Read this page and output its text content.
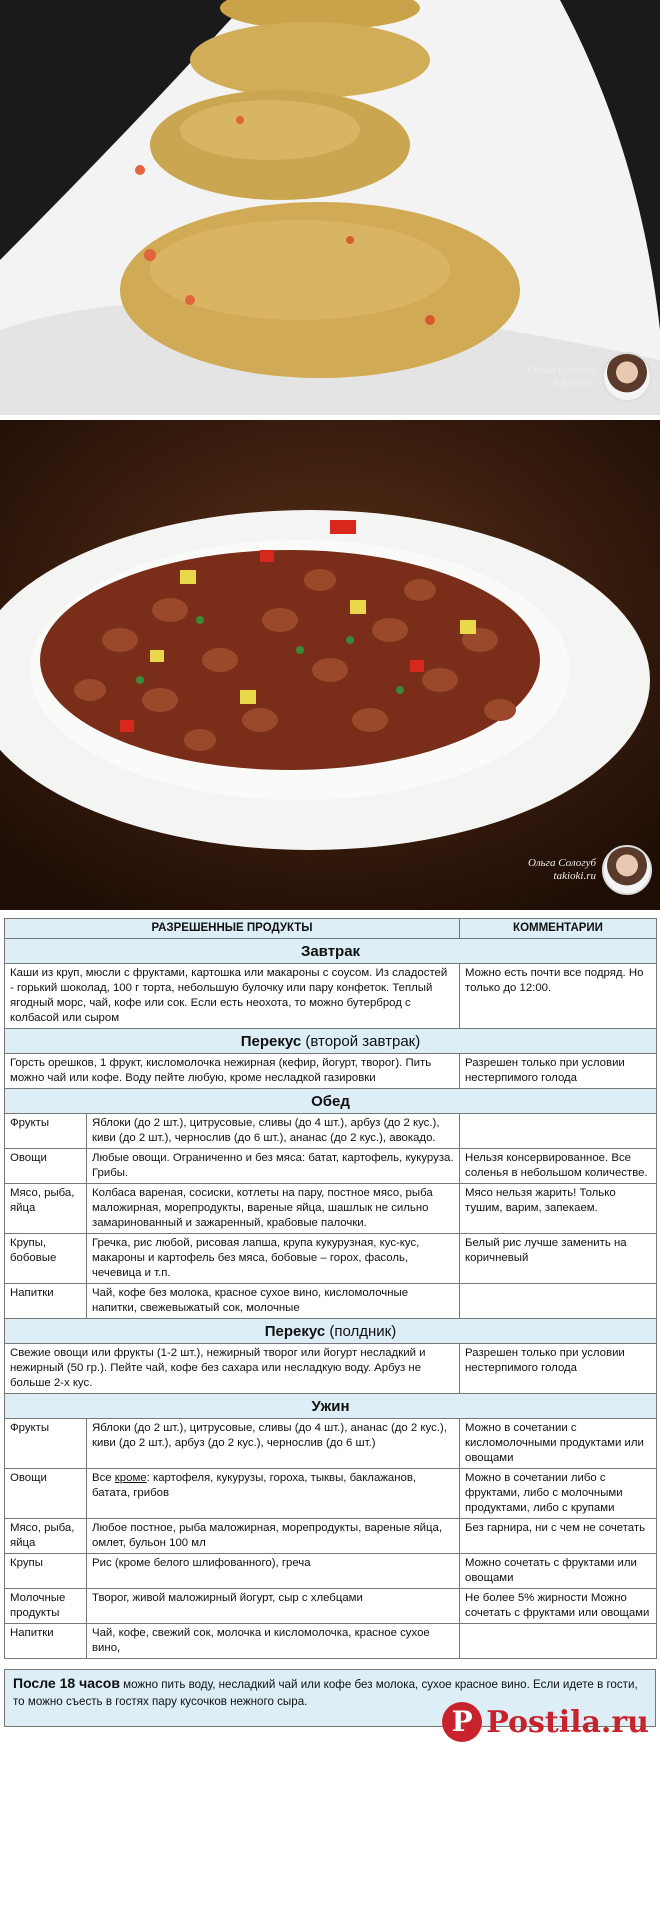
Ольга Сологуб
takioki.ru
Ольга Сологуб
takioki.ru
РАЗРЕШЕННЫЕ ПРОДУКТЫ		КОММЕНТАРИИ
Завтрак		
Каши из круп, мюсли с фруктами, картошка или макароны с соусом. Из сладостей - горький шоколад, 100 г торта, небольшую булочку или пару конфеток. Теплый ягодный морс, чай, кофе или сок. Если есть неохота, то можно бутерброд с колбасой или сыром		Можно есть почти все подряд. Но только до 12:00.
Перекус (второй завтрак)		
Горсть орешков, 1 фрукт, кисломолочка нежирная (кефир, йогурт, творог). Пить можно чай или кофе. Воду пейте любую, кроме несладкой газировки		Разрешен только при условии нестерпимого голода
Обед		
Фрукты	Яблоки (до 2 шт.), цитрусовые, сливы (до 4 шт.), арбуз (до 2 кус.), киви (до 2 шт.), чернослив (до 6 шт.), ананас (до 2 кус.), авокадо.	
Овощи	Любые овощи. Ограниченно и без мяса: батат, картофель, кукуруза. Грибы.	Нельзя консервированное. Все соленья в небольшом количестве.
Мясо, рыба, яйца	Колбаса вареная, сосиски, котлеты на пару, постное мясо, рыба маложирная, морепродукты, вареные яйца, шашлык не сильно замаринованный и зажаренный, крабовые палочки.	Мясо нельзя жарить! Только тушим, варим, запекаем.
Крупы, бобовые	Гречка, рис любой, рисовая лапша, крупа кукурузная, кус-кус, макароны и картофель без мяса, бобовые – горох, фасоль, чечевица и т.п.	Белый рис лучше заменить на коричневый
Напитки	Чай, кофе без молока, красное сухое вино, кисломолочные напитки, свежевыжатый сок, молочные	
Перекус (полдник)		
Свежие овощи или фрукты (1-2 шт.), нежирный творог или йогурт несладкий и нежирный (50 гр.). Пейте чай, кофе без сахара или несладкую воду. Арбуз не больше 2-х кус.		Разрешен только при условии нестерпимого голода
Ужин		
Фрукты	Яблоки (до 2 шт.), цитрусовые, сливы (до 4 шт.), ананас (до 2 кус.), киви (до 2 шт.), арбуз (до 2 кус.), чернослив (до 6 шт.)	Можно в сочетании с кисломолочными продуктами или овощами
Овощи	Все кроме: картофеля, кукурузы, гороха, тыквы, баклажанов, батата, грибов	Можно в сочетании либо с фруктами, либо с молочными продуктами, либо с крупами
Мясо, рыба, яйца	Любое постное, рыба маложирная, морепродукты, вареные яйца, омлет, бульон 100 мл	Без гарнира, ни с чем не сочетать
Крупы	Рис (кроме белого шлифованного), греча	Можно сочетать с фруктами или овощами
Молочные продукты	Творог, живой маложирный йогурт, сыр с хлебцами	Не более 5% жирности Можно сочетать с фруктами или овощами
Напитки	Чай, кофе, свежий сок, молочка и кисломолочка, красное сухое вино,	
После 18 часов можно пить воду, несладкий чай или кофе без молока, сухое красное вино. Если идете в гости, то можно съесть в гостях пару кусочков нежного сыра.
P Postila.ru
